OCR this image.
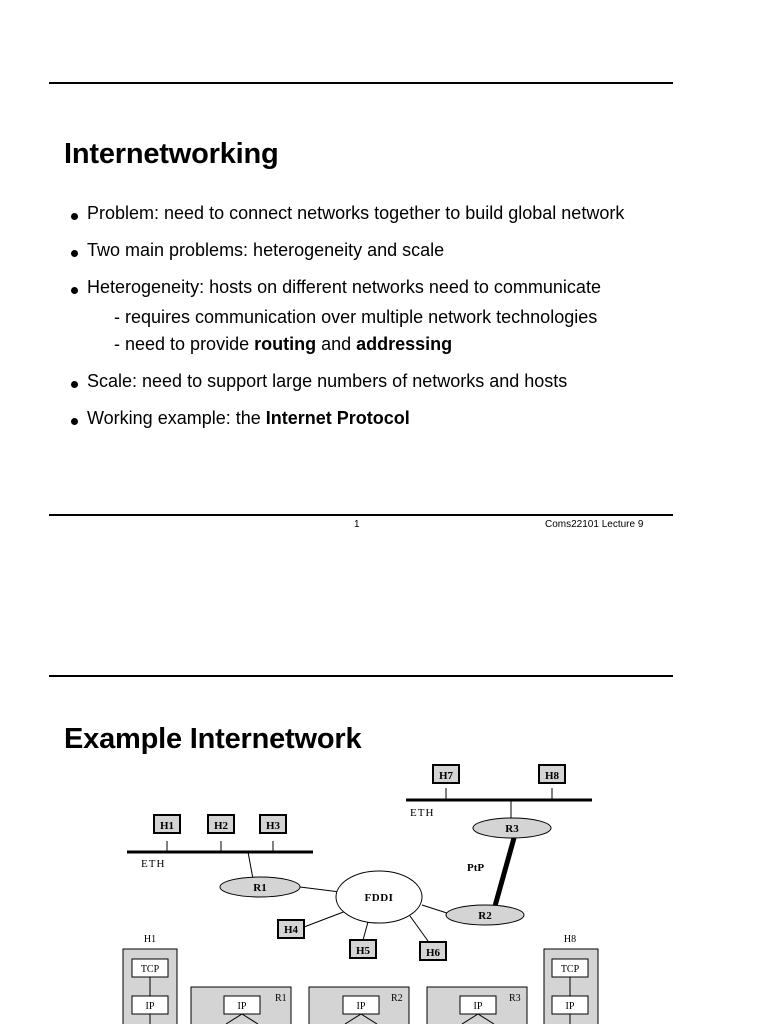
Internetworking
Problem: need to connect networks together to build global network
Two main problems: heterogeneity and scale
Heterogeneity: hosts on different networks need to communicate
- requires communication over multiple network technologies
- need to provide routing and addressing
Scale: need to support large numbers of networks and hosts
Working example: the Internet Protocol
1	Coms22101 Lecture 9
Example Internetwork
ETH
H7	H8
ETH
H1	H2	H3
PtP
FDDI
R1
R2
R3
H4
H5	H6
H1
TCP
IP
R1
IP
R2
IP
R3
IP
H8
TCP
IP
